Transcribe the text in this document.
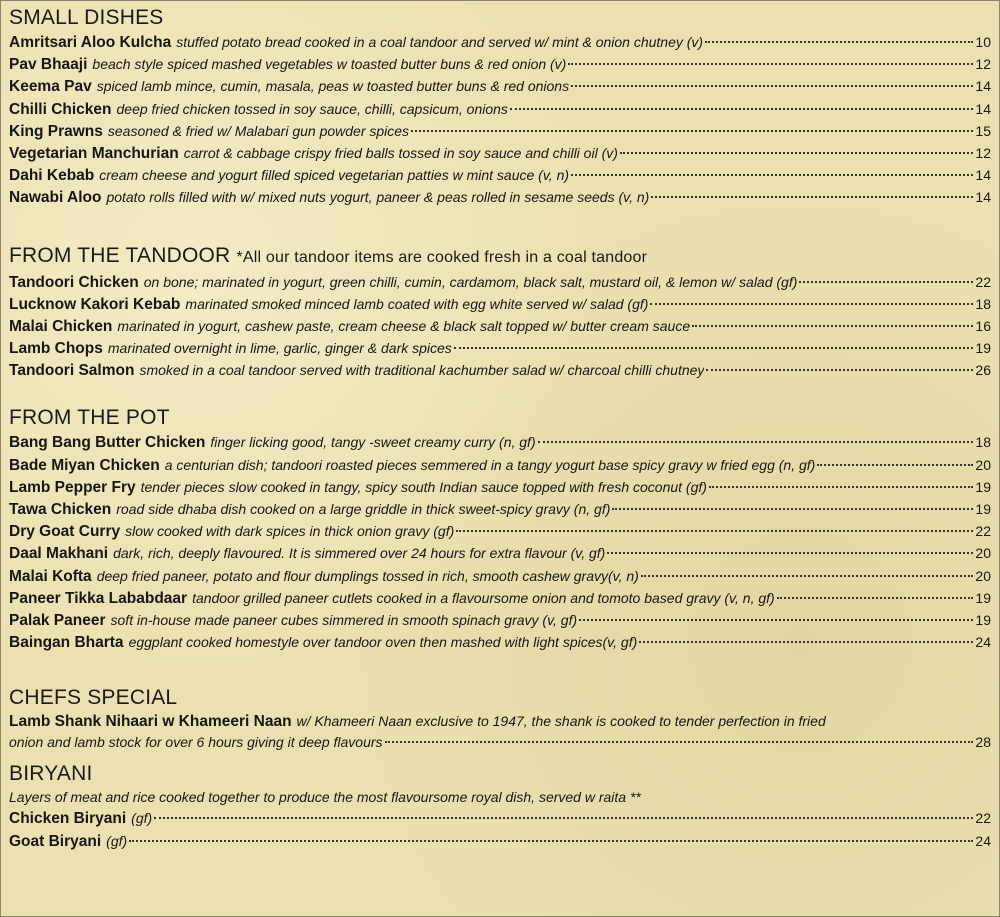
SMALL DISHES
Amritsari Aloo Kulcha stuffed potato bread cooked in a coal tandoor and served w/ mint & onion chutney (v)	10
Pav Bhaaji beach style spiced mashed vegetables w toasted butter buns & red onion (v)	12
Keema Pav spiced lamb mince, cumin, masala, peas w toasted butter buns & red onions	14
Chilli Chicken deep fried chicken tossed in soy sauce, chilli, capsicum, onions	14
King Prawns seasoned & fried w/ Malabari gun powder spices	15
Vegetarian Manchurian carrot & cabbage crispy fried balls tossed in soy sauce and chilli oil (v)	12
Dahi Kebab cream cheese and yogurt filled spiced vegetarian patties w mint sauce (v, n)	14
Nawabi Aloo potato rolls filled with w/ mixed nuts yogurt, paneer & peas rolled in sesame seeds (v, n)	14
FROM THE TANDOOR *All our tandoor items are cooked fresh in a coal tandoor
Tandoori Chicken on bone; marinated in yogurt, green chilli, cumin, cardamom, black salt, mustard oil, & lemon w/ salad (gf)	22
Lucknow Kakori Kebab marinated smoked minced lamb coated with egg white served w/ salad (gf)	18
Malai Chicken marinated in yogurt, cashew paste, cream cheese & black salt topped w/ butter cream sauce	16
Lamb Chops marinated overnight in lime, garlic, ginger & dark spices	19
Tandoori Salmon smoked in a coal tandoor served with traditional kachumber salad w/ charcoal chilli chutney	26
FROM THE POT
Bang Bang Butter Chicken finger licking good, tangy -sweet creamy curry (n, gf)	18
Bade Miyan Chicken a centurian dish; tandoori roasted pieces semmered in a tangy yogurt base spicy gravy w fried egg (n, gf)	20
Lamb Pepper Fry tender pieces slow cooked in tangy, spicy south Indian sauce topped with fresh coconut (gf)	19
Tawa Chicken road side dhaba dish cooked on a large griddle in thick sweet-spicy gravy (n, gf)	19
Dry Goat Curry slow cooked with dark spices in thick onion gravy (gf)	22
Daal Makhani dark, rich, deeply flavoured. It is simmered over 24 hours for extra flavour (v, gf)	20
Malai Kofta deep fried paneer, potato and flour dumplings tossed in rich, smooth cashew gravy(v, n)	20
Paneer Tikka Lababdaar tandoor grilled paneer cutlets cooked in a flavoursome onion and tomoto based gravy (v, n, gf)	19
Palak Paneer soft in-house made paneer cubes simmered in smooth spinach gravy (v, gf)	19
Baingan Bharta eggplant cooked homestyle over tandoor oven then mashed with light spices(v, gf)	24
CHEFS SPECIAL
Lamb Shank Nihaari w Khameeri Naan w/ Khameeri Naan exclusive to 1947, the shank is cooked to tender perfection in fried
onion and lamb stock for over 6 hours giving it deep flavours	28
BIRYANI
Layers of meat and rice cooked together to produce the most flavoursome royal dish, served w raita **
Chicken Biryani (gf)	22
Goat Biryani (gf)	24
